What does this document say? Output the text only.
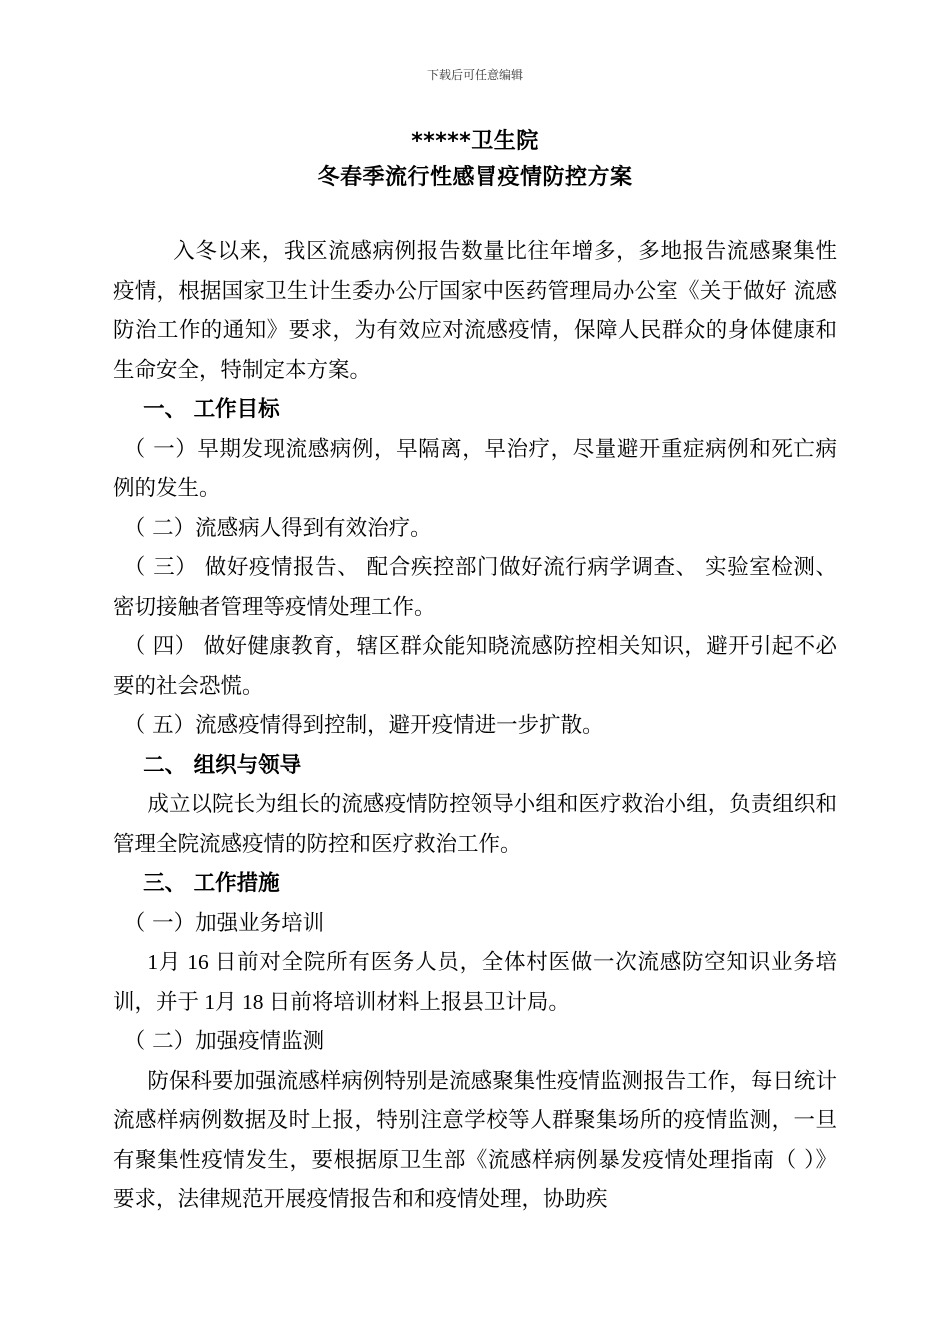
下载后可任意编辑
*****卫生院
冬春季流行性感冒疫情防控方案

入冬以来，我区流感病例报告数量比往年增多，多地报告流感聚集性疫情，根据国家卫生计生委办公厅国家中医药管理局办公室《关于做好 流感防治工作的通知》要求，为有效应对流感疫情，保障人民群众的身体健康和生命安全，特制定本方案。

一、 工作目标

（ 一）早期发现流感病例，早隔离，早治疗，尽量避开重症病例和死亡病例的发生。

（ 二）流感病人得到有效治疗。

（ 三） 做好疫情报告、 配合疾控部门做好流行病学调查、 实验室检测、 密切接触者管理等疫情处理工作。

（ 四） 做好健康教育，辖区群众能知晓流感防控相关知识，避开引起不必要的社会恐慌。

（ 五）流感疫情得到控制，避开疫情进一步扩散。

二、 组织与领导

成立以院长为组长的流感疫情防控领导小组和医疗救治小组，负责组织和管理全院流感疫情的防控和医疗救治工作。

三、 工作措施

（ 一）加强业务培训

1月 16 日前对全院所有医务人员，全体村医做一次流感防空知识业务培训，并于 1月 18 日前将培训材料上报县卫计局。

（ 二）加强疫情监测

防保科要加强流感样病例特别是流感聚集性疫情监测报告工作，每日统计流感样病例数据及时上报，特别注意学校等人群聚集场所的疫情监测，一旦有聚集性疫情发生，要根据原卫生部《流感样病例暴发疫情处理指南（ ）》要求，法律规范开展疫情报告和和疫情处理，协助疾
